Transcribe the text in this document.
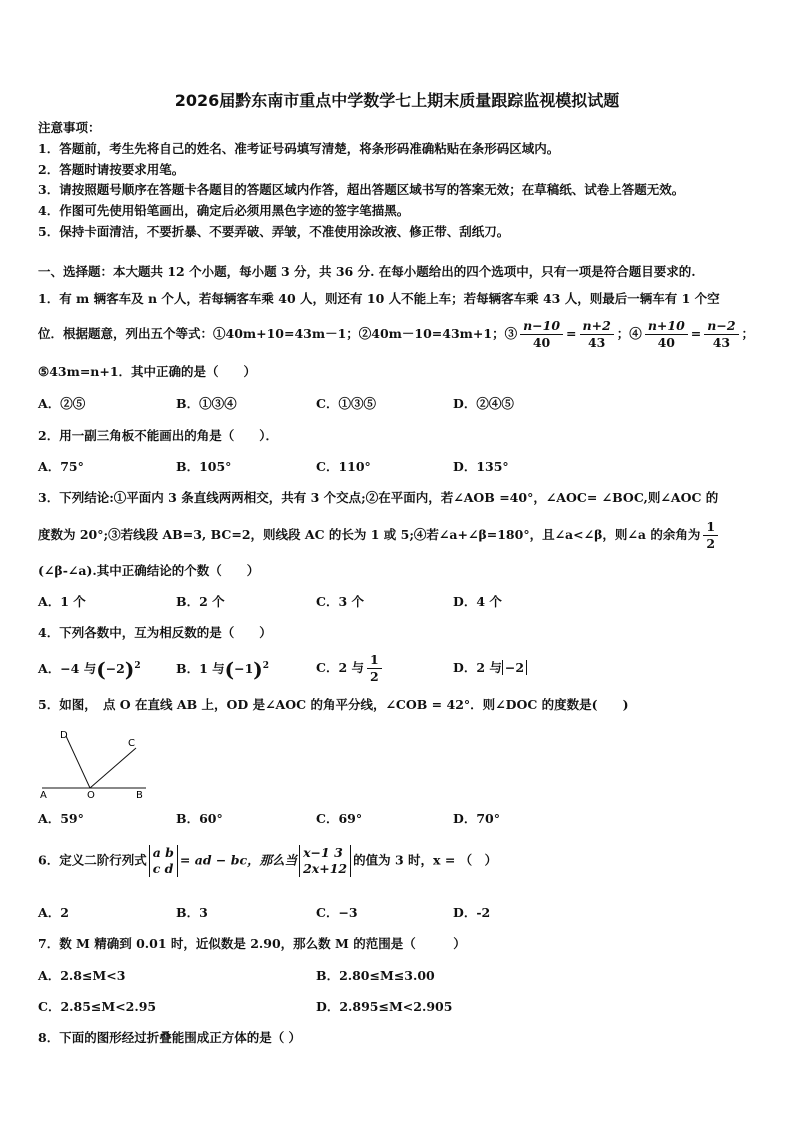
2026届黔东南市重点中学数学七上期末质量跟踪监视模拟试题
注意事项：
1．答题前，考生先将自己的姓名、准考证号码填写清楚，将条形码准确粘贴在条形码区域内。
2．答题时请按要求用笔。
3．请按照题号顺序在答题卡各题目的答题区域内作答，超出答题区域书写的答案无效；在草稿纸、试卷上答题无效。
4．作图可先使用铅笔画出，确定后必须用黑色字迹的签字笔描黑。
5．保持卡面清洁，不要折暴、不要弄破、弄皱，不准使用涂改液、修正带、刮纸刀。
一、选择题：本大题共 12 个小题，每小题 3 分，共 36 分. 在每小题给出的四个选项中，只有一项是符合题目要求的.
1．有 m 辆客车及 n 个人，若每辆客车乘 40 人，则还有 10 人不能上车；若每辆客车乘 43 人，则最后一辆车有 1 个空
位．根据题意，列出五个等式：①40m+10=43m－1；②40m－10=43m+1；③ $\frac{n-10}{40} = \frac{n+2}{43}$ ；④ $\frac{n+10}{40} = \frac{n-2}{43}$ ；
⑤43m=n+1．其中正确的是（　　）
A．②⑤	B．①③④	C．①③⑤	D．②④⑤
2．用一副三角板不能画出的角是（　　）．
A．75°	B．105°	C．110°	D．135°
3．下列结论:①平面内 3 条直线两两相交，共有 3 个交点;②在平面内，若∠AOB =40°，∠AOC= ∠BOC,则∠AOC 的
度数为 20°;③若线段 AB=3, BC=2，则线段 AC 的长为 1 或 5;④若∠a+∠β=180°，且∠a<∠β，则∠a 的余角为 $\frac{1}{2}$
(∠β-∠a).其中正确结论的个数（　　）
A．1 个	B．2 个	C．3 个	D．4 个
4．下列各数中，互为相反数的是（　　）
A．−4 与$(-2)^2$	B．1 与$(-1)^2$	C．2 与 $\frac{1}{2}$	D．2 与 −2
5．如图，　点 O 在直线 AB 上，OD 是∠AOC 的角平分线，∠COB = 42°．则∠DOC 的度数是(　　)
D
C
A	O	B
A．59°	B．60°	C．69°	D．70°
6．定义二阶行列式 a b
c d
= ad − bc，那么当 x−1 3
2x+12
的值为 3 时，x = （　）
A．2	B．3	C．−3	D．-2
7．数 M 精确到 0.01 时，近似数是 2.90，那么数 M 的范围是（　　　）
A．2.8≤M<3	B．2.80≤M≤3.00
C．2.85≤M<2.95	D．2.895≤M<2.905
8．下面的图形经过折叠能围成正方体的是（ ）
